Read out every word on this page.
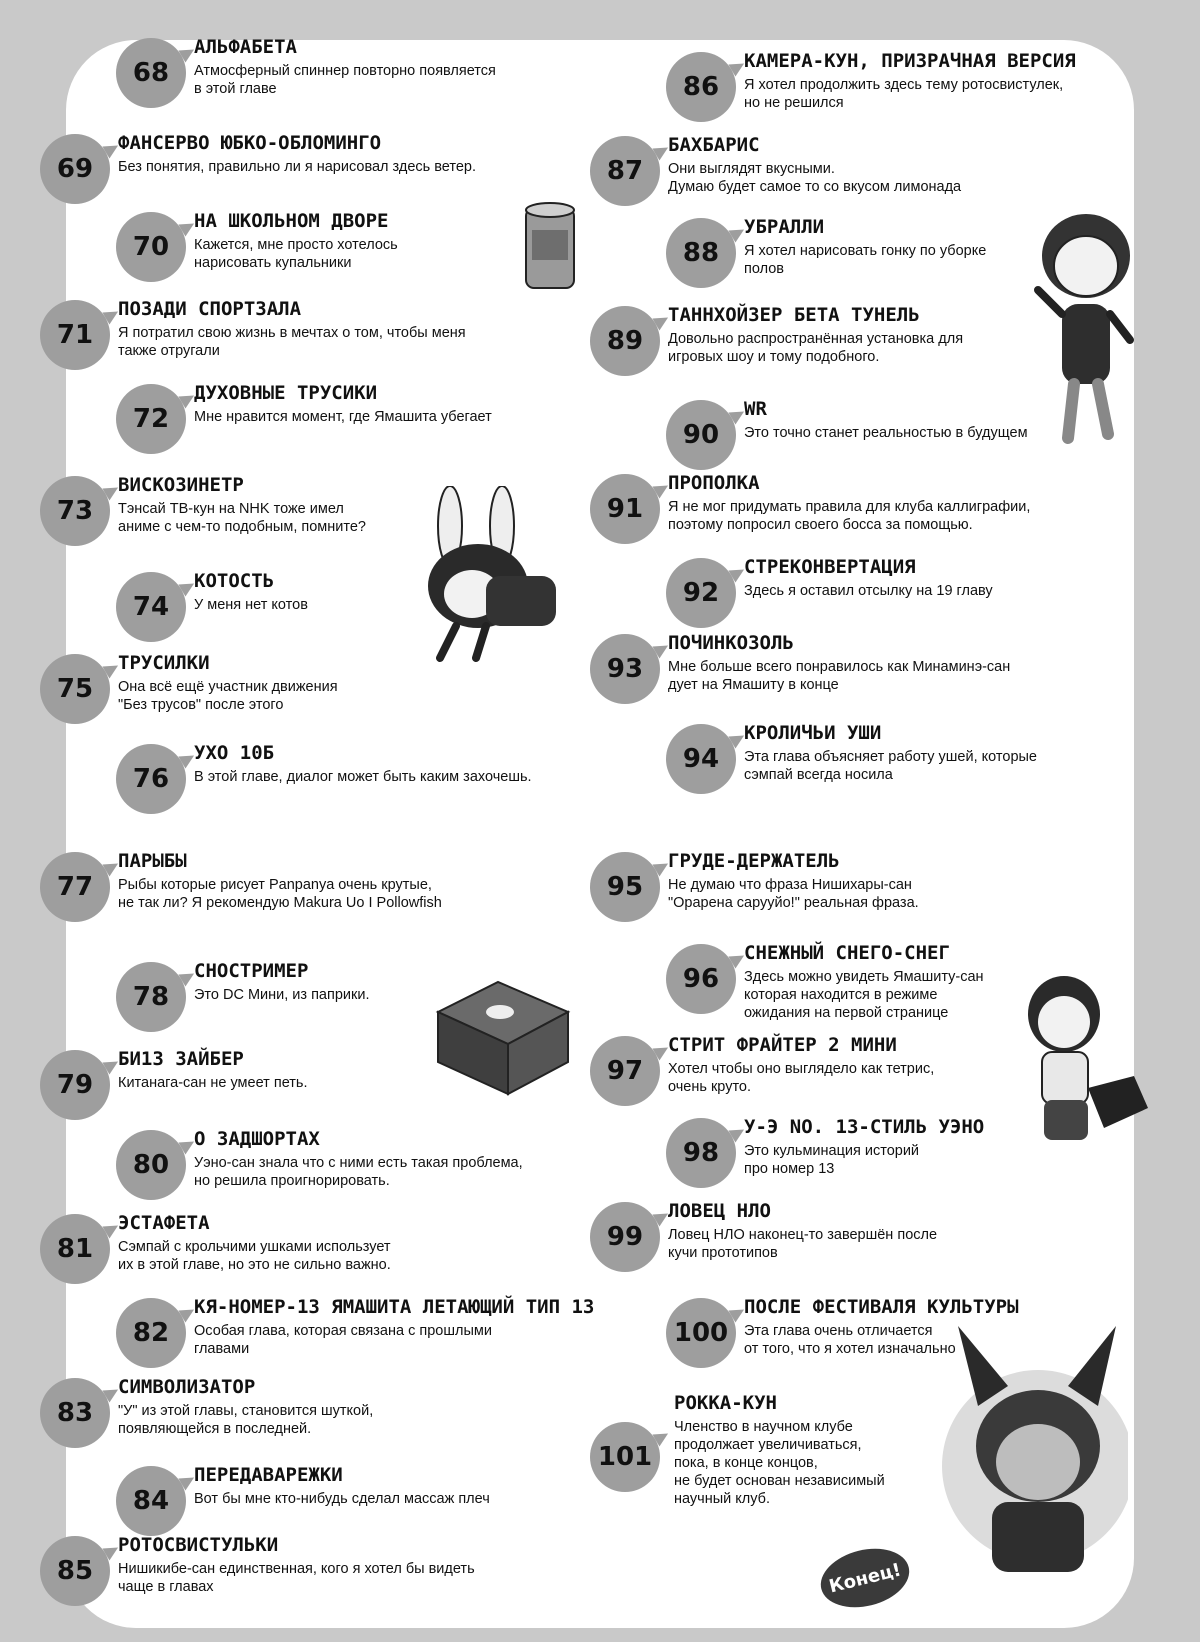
68
АЛЬФАБЕТА
Атмосферный спиннер повторно появляется
в этой главе
69
ФАНСЕРВО ЮБКО-ОБЛОМИНГО
Без понятия, правильно ли я нарисовал здесь ветер.
70
НА ШКОЛЬНОМ ДВОРЕ
Кажется, мне просто хотелось
нарисовать купальники
71
ПОЗАДИ СПОРТЗАЛА
Я потратил свою жизнь в мечтах о том, чтобы меня
также отругали
72
ДУХОВНЫЕ ТРУСИКИ
Мне нравится момент, где Ямашита убегает
73
ВИСКОЗИНЕТР
Тэнсай ТВ-кун на NHK тоже имел
аниме с чем-то подобным, помните?
74
КОТОСТЬ
У меня нет котов
75
ТРУСИЛКИ
Она всё ещё участник движения
"Без трусов" после этого
76
УХО 10Б
В этой главе, диалог может быть каким захочешь.
77
ПАРЫБЫ
Рыбы которые рисует Panpanya очень крутые,
не так ли? Я рекомендую Makura Uo I Pollowfish
78
СНОСТРИМЕР
Это DC Мини, из паприки.
79
БИ13 ЗАЙБЕР
Китанага-сан не умеет петь.
80
О ЗАДШОРТАХ
Уэно-сан знала что с ними есть такая проблема,
но решила проигнорировать.
81
ЭСТАФЕТА
Сэмпай с крольчими ушками использует
их в этой главе, но это не сильно важно.
82
КЯ-НОМЕР-13 ЯМАШИТА ЛЕТАЮЩИЙ ТИП 13
Особая глава, которая связана с прошлыми
главами
83
СИМВОЛИЗАТОР
"У" из этой главы, становится шуткой,
появляющейся в последней.
84
ПЕРЕДАВАРЕЖКИ
Вот бы мне кто-нибудь сделал массаж плеч
85
РОТОСВИСТУЛЬКИ
Нишикибе-сан единственная, кого я хотел бы видеть
чаще в главах
86
КАМЕРА-КУН, ПРИЗРАЧНАЯ ВЕРСИЯ
Я хотел продолжить здесь тему ротосвистулек,
но не решился
87
БАХБАРИС
Они выглядят вкусными.
Думаю будет самое то со вкусом лимонада
88
УБРАЛЛИ
Я хотел нарисовать гонку по уборке
полов
89
ТАННХОЙЗЕР БЕТА ТУНЕЛЬ
Довольно распространённая установка для
игровых шоу и тому подобного.
90
WR
Это точно станет реальностью в будущем
91
ПРОПОЛКА
Я не мог придумать правила для клуба каллиграфии,
поэтому попросил своего босса за помощью.
92
СТРЕКОНВЕРТАЦИЯ
Здесь я оставил отсылку на 19 главу
93
ПОЧИНКОЗОЛЬ
Мне больше всего понравилось как Минаминэ-сан
дует на Ямашиту в конце
94
КРОЛИЧЬИ УШИ
Эта глава объясняет работу ушей, которые
сэмпай всегда носила
95
ГРУДЕ-ДЕРЖАТЕЛЬ
Не думаю что фраза Нишихары-сан
"Орарена сарууйо!" реальная фраза.
96
СНЕЖНЫЙ СНЕГО-СНЕГ
Здесь можно увидеть Ямашиту-сан
которая находится в режиме
ожидания на первой странице
97
СТРИТ ФРАЙТЕР 2 МИНИ
Хотел чтобы оно выглядело как тетрис,
очень круто.
98
У-Э NO. 13-СТИЛЬ УЭНО
Это кульминация историй
про номер 13
99
ЛОВЕЦ НЛО
Ловец НЛО наконец-то завершён после
кучи прототипов
100
ПОСЛЕ ФЕСТИВАЛЯ КУЛЬТУРЫ
Эта глава очень отличается
от того, что я хотел изначально
101
РОККА-КУН
Членство в научном клубе
продолжает увеличиваться,
пока, в конце концов,
не будет основан независимый
научный клуб.
Конец!
